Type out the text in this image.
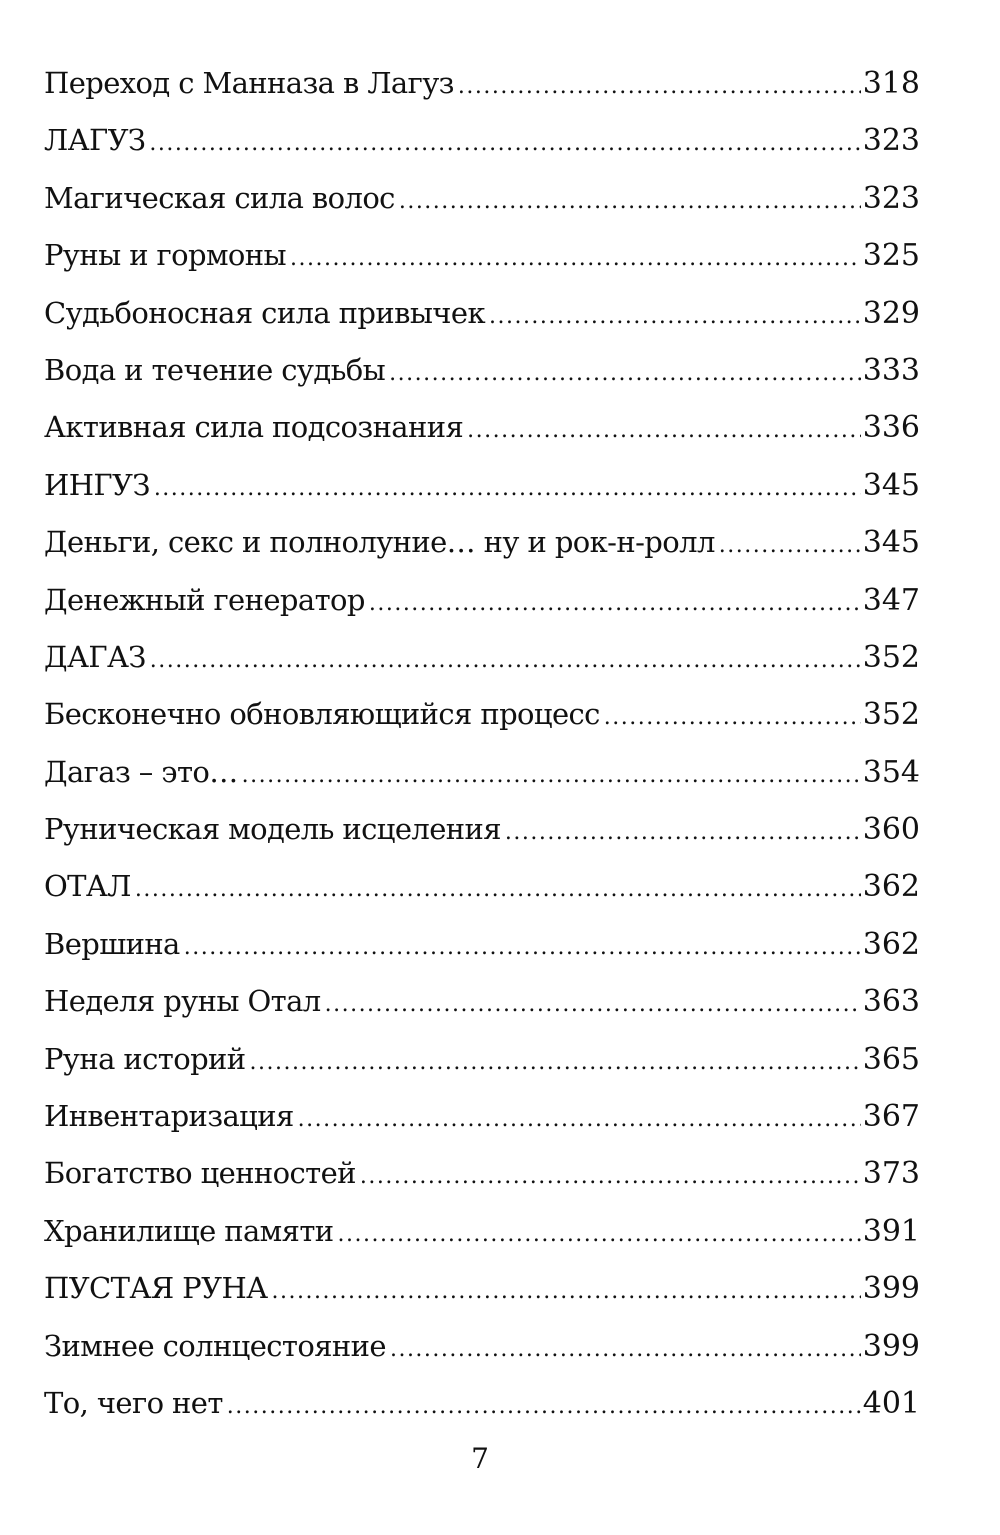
Переход с Манназа в Лагуз .....	318
ЛАГУЗ .....	323
Магическая сила волос .....	323
Руны и гормоны .....	325
Судьбоносная сила привычек .....	329
Вода и течение судьбы .....	333
Активная сила подсознания .....	336
ИНГУЗ .....	345
Деньги, секс и полнолуние… ну и рок-н-ролл .....	345
Денежный генератор .....	347
ДАГАЗ .....	352
Бесконечно обновляющийся процесс .....	352
Дагаз – это… .....	354
Руническая модель исцеления .....	360
ОТАЛ .....	362
Вершина .....	362
Неделя руны Отал .....	363
Руна историй .....	365
Инвентаризация .....	367
Богатство ценностей .....	373
Хранилище памяти .....	391
ПУСТАЯ РУНА .....	399
Зимнее солнцестояние .....	399
То, чего нет .....	401
7
